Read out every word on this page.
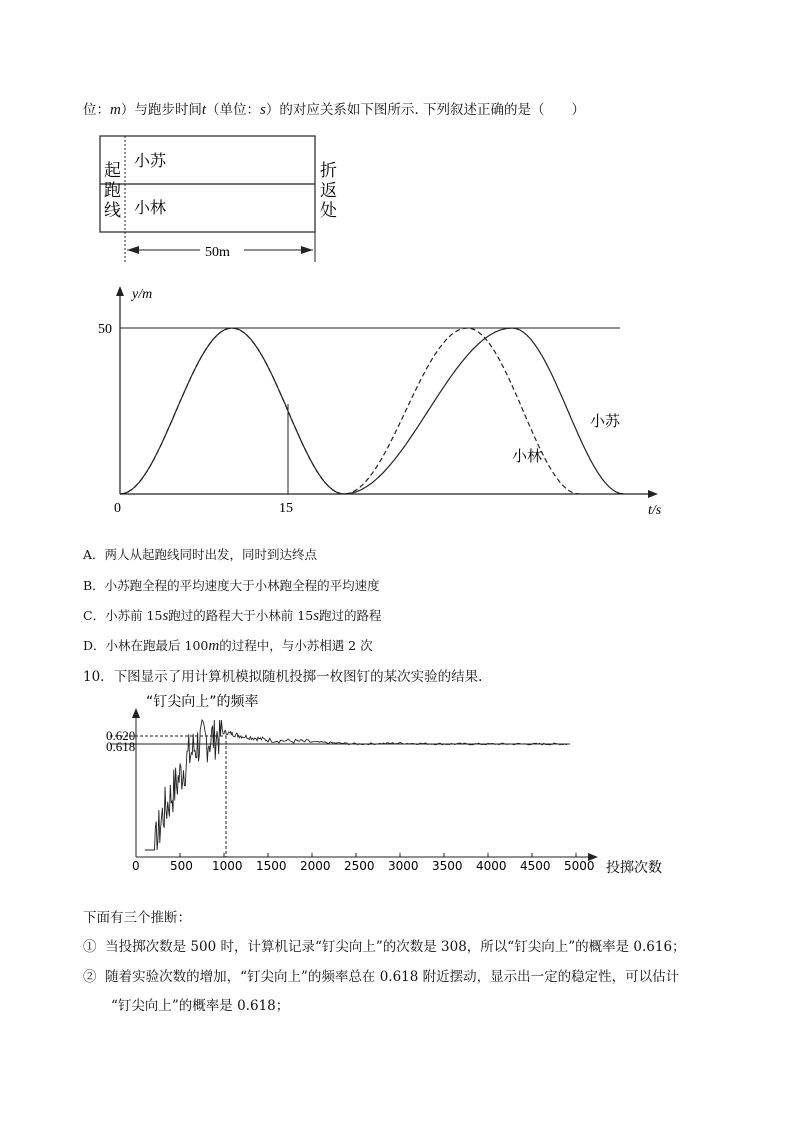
位：m）与跑步时间t（单位：s）的对应关系如下图所示. 下列叙述正确的是（　　）
小苏
小林
起
跑
线
折
返
处
50m
y/m
50
0	15	t/s
小苏
小林
A．两人从起跑线同时出发，同时到达终点
B．小苏跑全程的平均速度大于小林跑全程的平均速度
C．小苏前 15s跑过的路程大于小林前 15s跑过的路程
D．小林在跑最后 100m的过程中，与小苏相遇 2 次
10．下图显示了用计算机模拟随机投掷一枚图钉的某次实验的结果.
“钉尖向上”的频率
0.620
0.618
0	500 1000 1500 2000 2500 3000 3500 4000 4500 5000 投掷次数
下面有三个推断：
① 当投掷次数是 500 时，计算机记录“钉尖向上”的次数是 308，所以“钉尖向上”的概率是 0.616；
② 随着实验次数的增加，“钉尖向上”的频率总在 0.618 附近摆动，显示出一定的稳定性，可以估计
“钉尖向上”的概率是 0.618；
